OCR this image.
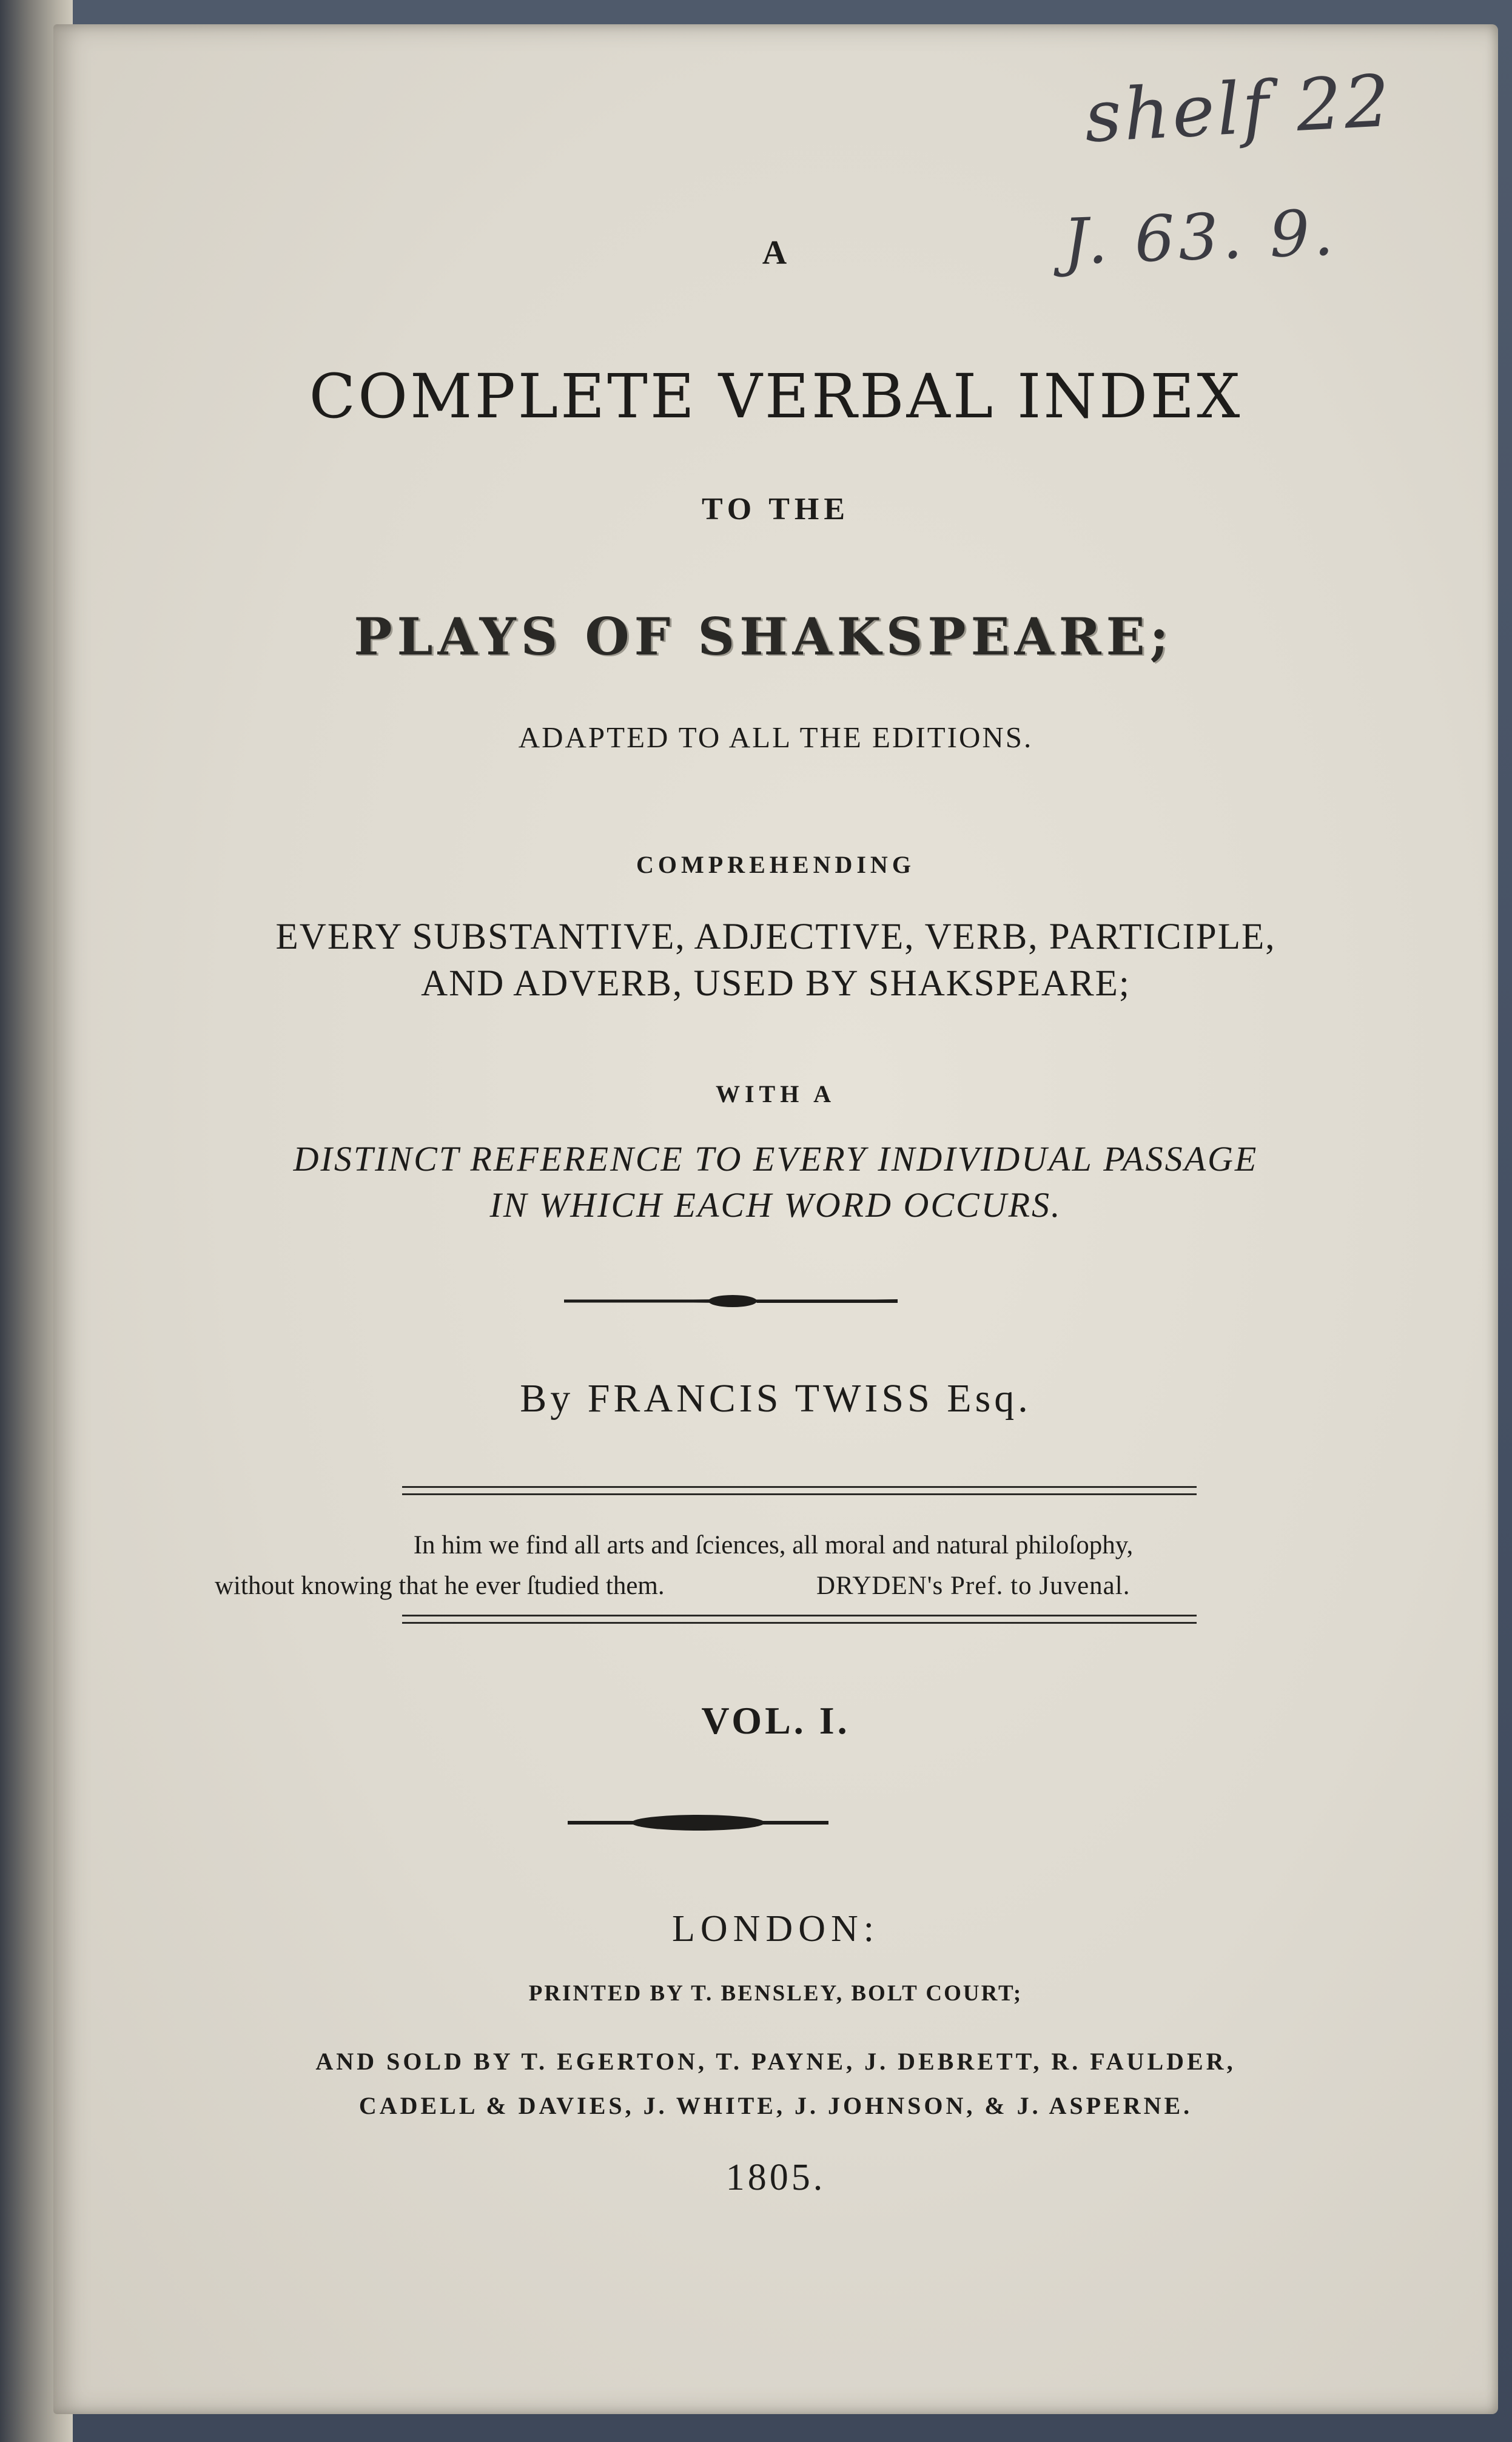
shelf 22
J. 63. 9.
A
COMPLETE VERBAL INDEX
TO THE
PLAYS OF SHAKSPEARE;
ADAPTED TO ALL THE EDITIONS.
COMPREHENDING
EVERY SUBSTANTIVE, ADJECTIVE, VERB, PARTICIPLE,
AND ADVERB, USED BY SHAKSPEARE;
WITH A
DISTINCT REFERENCE TO EVERY INDIVIDUAL PASSAGE
IN WHICH EACH WORD OCCURS.
By FRANCIS TWISS Esq.
In him we find all arts and ſciences, all moral and natural philoſophy,
without knowing that he ever ſtudied them.	DRYDEN's Pref. to Juvenal.
VOL. I.
LONDON:
PRINTED BY T. BENSLEY, BOLT COURT;
AND SOLD BY T. EGERTON, T. PAYNE, J. DEBRETT, R. FAULDER,
CADELL & DAVIES, J. WHITE, J. JOHNSON, & J. ASPERNE.
1805.
